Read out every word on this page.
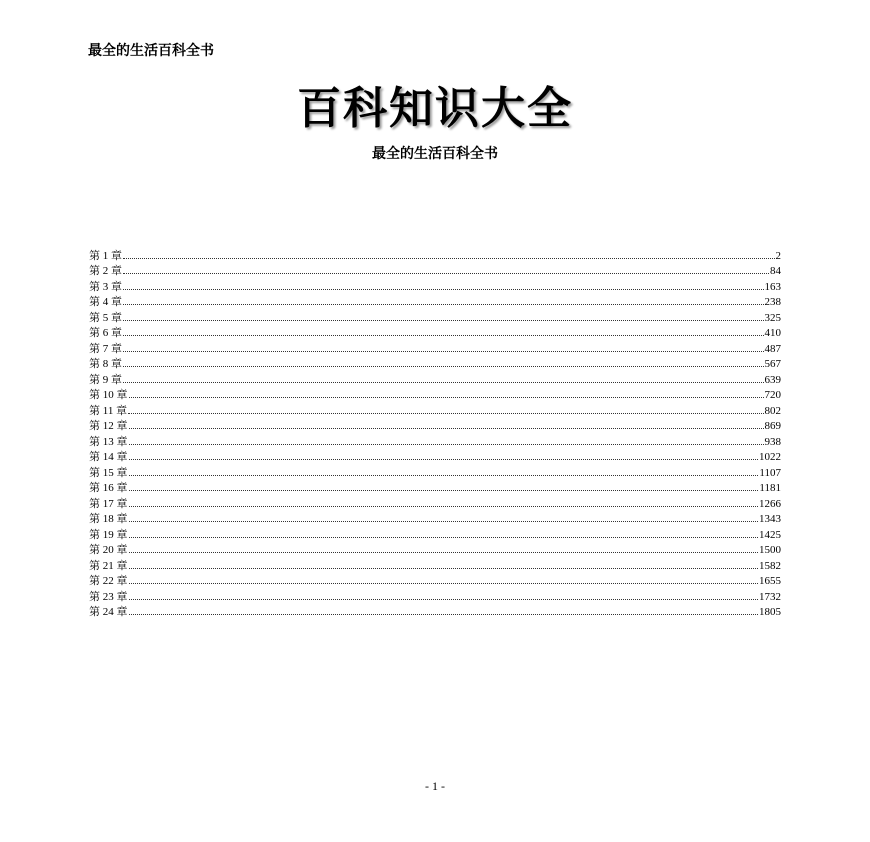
最全的生活百科全书
百科知识大全
最全的生活百科全书
第 1 章	2
第 2 章	84
第 3 章	163
第 4 章	238
第 5 章	325
第 6 章	410
第 7 章	487
第 8 章	567
第 9 章	639
第 10 章	720
第 11 章	802
第 12 章	869
第 13 章	938
第 14 章	1022
第 15 章	1107
第 16 章	1181
第 17 章	1266
第 18 章	1343
第 19 章	1425
第 20 章	1500
第 21 章	1582
第 22 章	1655
第 23 章	1732
第 24 章	1805
- 1 -
